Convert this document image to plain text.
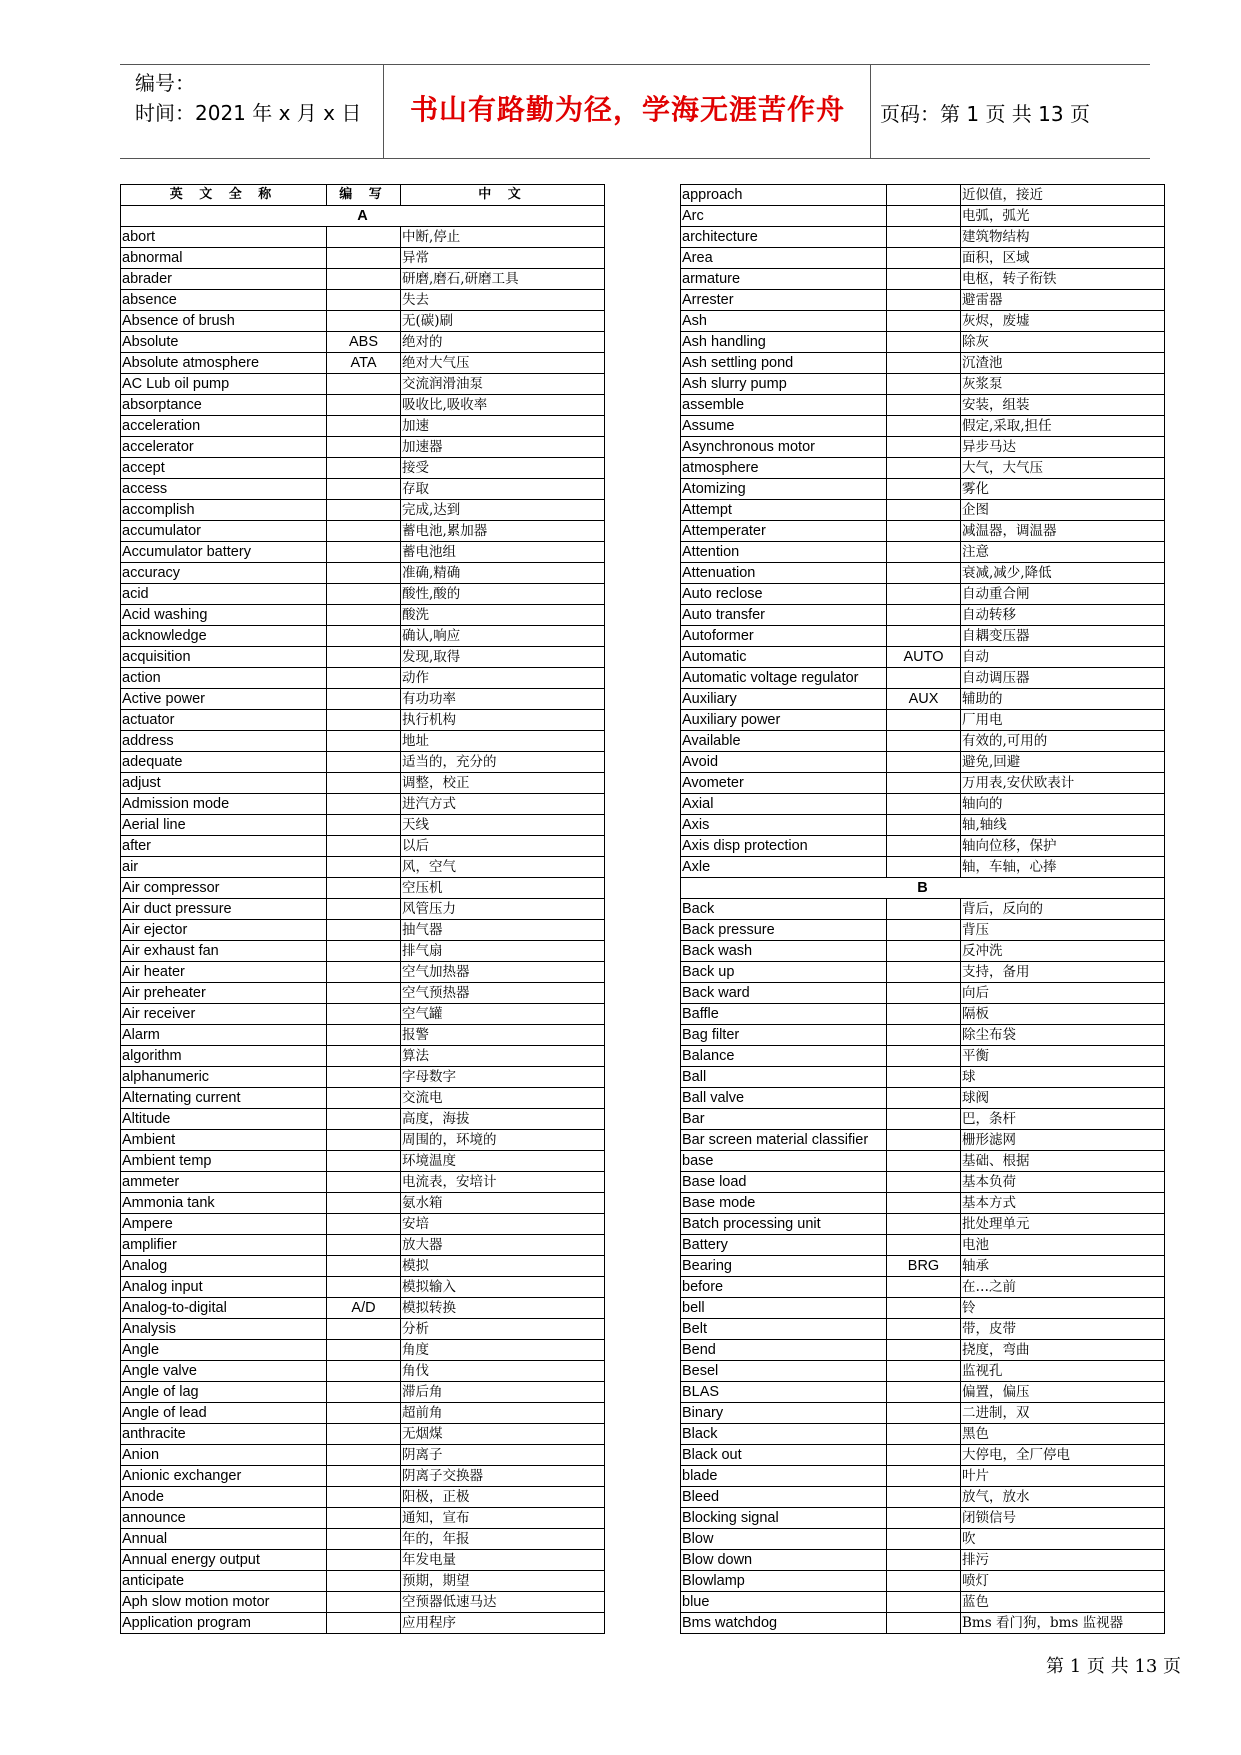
编号：
时间：2021 年 x 月 x 日 书山有路勤为径，学海无涯苦作舟 页码：第 1 页 共 13 页
英 文 全 称	编 写	中 文
A		
abort		中断,停止
abnormal		异常
abrader		研磨,磨石,研磨工具
absence		失去
Absence of brush		无(碳)刷
Absolute	ABS	绝对的
Absolute atmosphere	ATA	绝对大气压
AC Lub oil pump		交流润滑油泵
absorptance		吸收比,吸收率
acceleration		加速
accelerator		加速器
accept		接受
access		存取
accomplish		完成,达到
accumulator		蓄电池,累加器
Accumulator battery		蓄电池组
accuracy		准确,精确
acid		酸性,酸的
Acid washing		酸洗
acknowledge		确认,响应
acquisition		发现,取得
action		动作
Active power		有功功率
actuator		执行机构
address		地址
adequate		适当的，充分的
adjust		调整，校正
Admission mode		进汽方式
Aerial line		天线
after		以后
air		风，空气
Air compressor		空压机
Air duct pressure		风管压力
Air ejector		抽气器
Air exhaust fan		排气扇
Air heater		空气加热器
Air preheater		空气预热器
Air receiver		空气罐
Alarm		报警
algorithm		算法
alphanumeric		字母数字
Alternating current		交流电
Altitude		高度，海拔
Ambient		周围的，环境的
Ambient temp		环境温度
ammeter		电流表，安培计
Ammonia tank		氨水箱
Ampere		安培
amplifier		放大器
Analog		模拟
Analog input		模拟输入
Analog-to-digital	A/D	模拟转换
Analysis		分析
Angle		角度
Angle valve		角伐
Angle of lag		滞后角
Angle of lead		超前角
anthracite		无烟煤
Anion		阴离子
Anionic exchanger		阴离子交换器
Anode		阳极，正极
announce		通知，宣布
Annual		年的，年报
Annual energy output		年发电量
anticipate		预期，期望
Aph slow motion motor		空预器低速马达
Application program		应用程序
approach		近似值，接近
Arc		电弧，弧光
architecture		建筑物结构
Area		面积，区域
armature		电枢，转子衔铁
Arrester		避雷器
Ash		灰烬，废墟
Ash handling		除灰
Ash settling pond		沉渣池
Ash slurry pump		灰浆泵
assemble		安装，组装
Assume		假定,采取,担任
Asynchronous motor		异步马达
atmosphere		大气，大气压
Atomizing		雾化
Attempt		企图
Attemperater		减温器，调温器
Attention		注意
Attenuation		衰减,减少,降低
Auto reclose		自动重合闸
Auto transfer		自动转移
Autoformer		自耦变压器
Automatic	AUTO	自动
Automatic voltage regulator		自动调压器
Auxiliary	AUX	辅助的
Auxiliary power		厂用电
Available		有效的,可用的
Avoid		避免,回避
Avometer		万用表,安伏欧表计
Axial		轴向的
Axis		轴,轴线
Axis disp protection		轴向位移，保护
Axle		轴，车轴，心捧
B		
Back		背后，反向的
Back pressure		背压
Back wash		反冲洗
Back up		支持，备用
Back ward		向后
Baffle		隔板
Bag filter		除尘布袋
Balance		平衡
Ball		球
Ball valve		球阀
Bar		巴，条杆
Bar screen material classifier		栅形滤网
base		基础、根据
Base load		基本负荷
Base mode		基本方式
Batch processing unit		批处理单元
Battery		电池
Bearing	BRG	轴承
before		在…之前
bell		铃
Belt		带，皮带
Bend		挠度，弯曲
Besel		监视孔
BLAS		偏置，偏压
Binary		二进制，双
Black		黑色
Black out		大停电，全厂停电
blade		叶片
Bleed		放气，放水
Blocking signal		闭锁信号
Blow		吹
Blow down		排污
Blowlamp		喷灯
blue		蓝色
Bms watchdog		Bms 看门狗，bms 监视器
第 1 页 共 13 页
